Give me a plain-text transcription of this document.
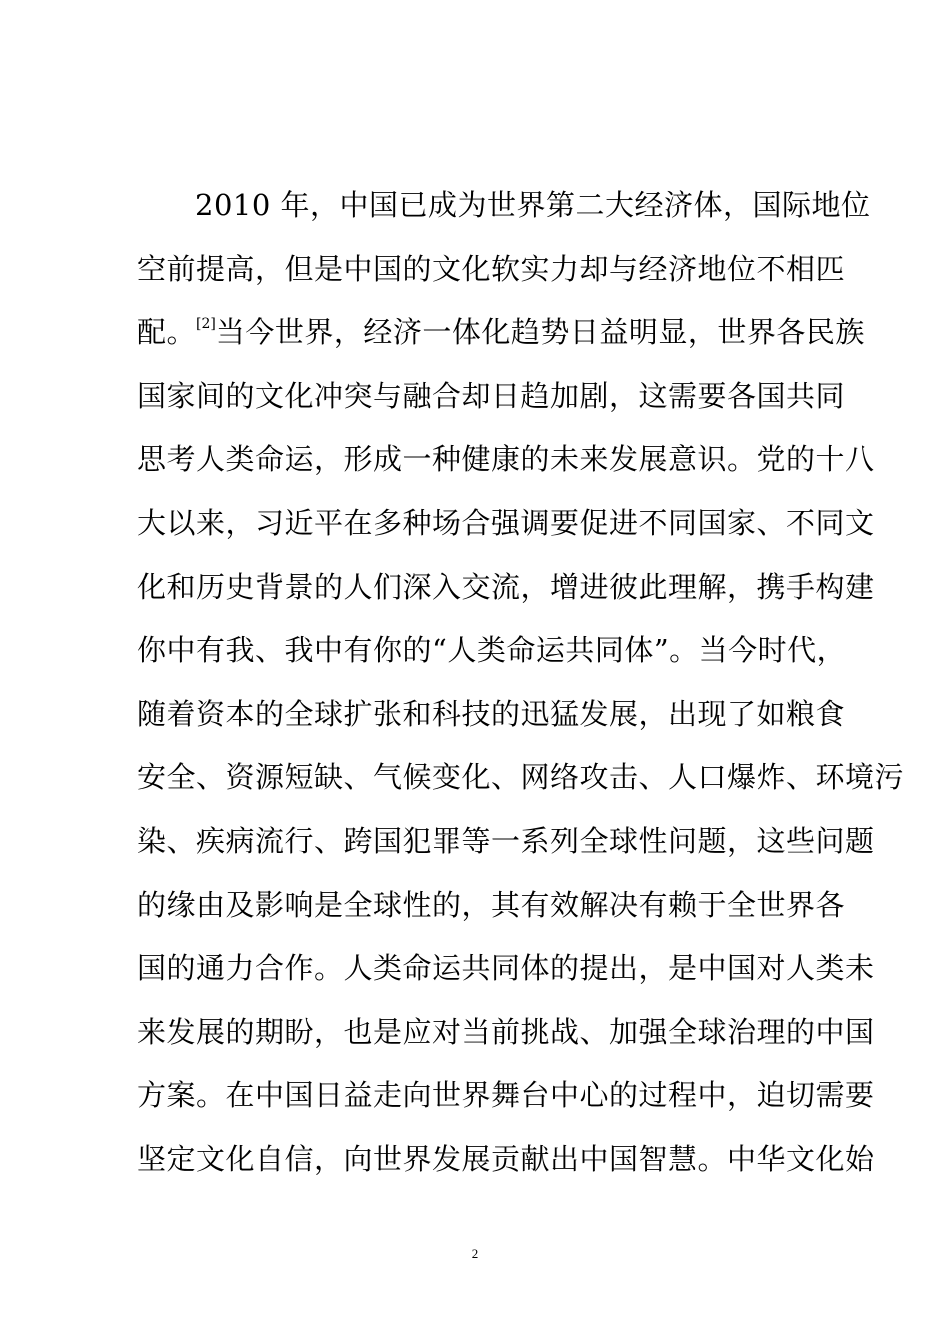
2010 年，中国已成为世界第二大经济体，国际地位
空前提高，但是中国的文化软实力却与经济地位不相匹
配。[2]当今世界，经济一体化趋势日益明显，世界各民族
国家间的文化冲突与融合却日趋加剧，这需要各国共同
思考人类命运，形成一种健康的未来发展意识。党的十八
大以来，习近平在多种场合强调要促进不同国家、不同文
化和历史背景的人们深入交流，增进彼此理解，携手构建
你中有我、我中有你的“人类命运共同体”。当今时代，
随着资本的全球扩张和科技的迅猛发展，出现了如粮食
安全、资源短缺、气候变化、网络攻击、人口爆炸、环境污
染、疾病流行、跨国犯罪等一系列全球性问题，这些问题
的缘由及影响是全球性的，其有效解决有赖于全世界各
国的通力合作。人类命运共同体的提出，是中国对人类未
来发展的期盼，也是应对当前挑战、加强全球治理的中国
方案。在中国日益走向世界舞台中心的过程中，迫切需要
坚定文化自信，向世界发展贡献出中国智慧。中华文化始
2
